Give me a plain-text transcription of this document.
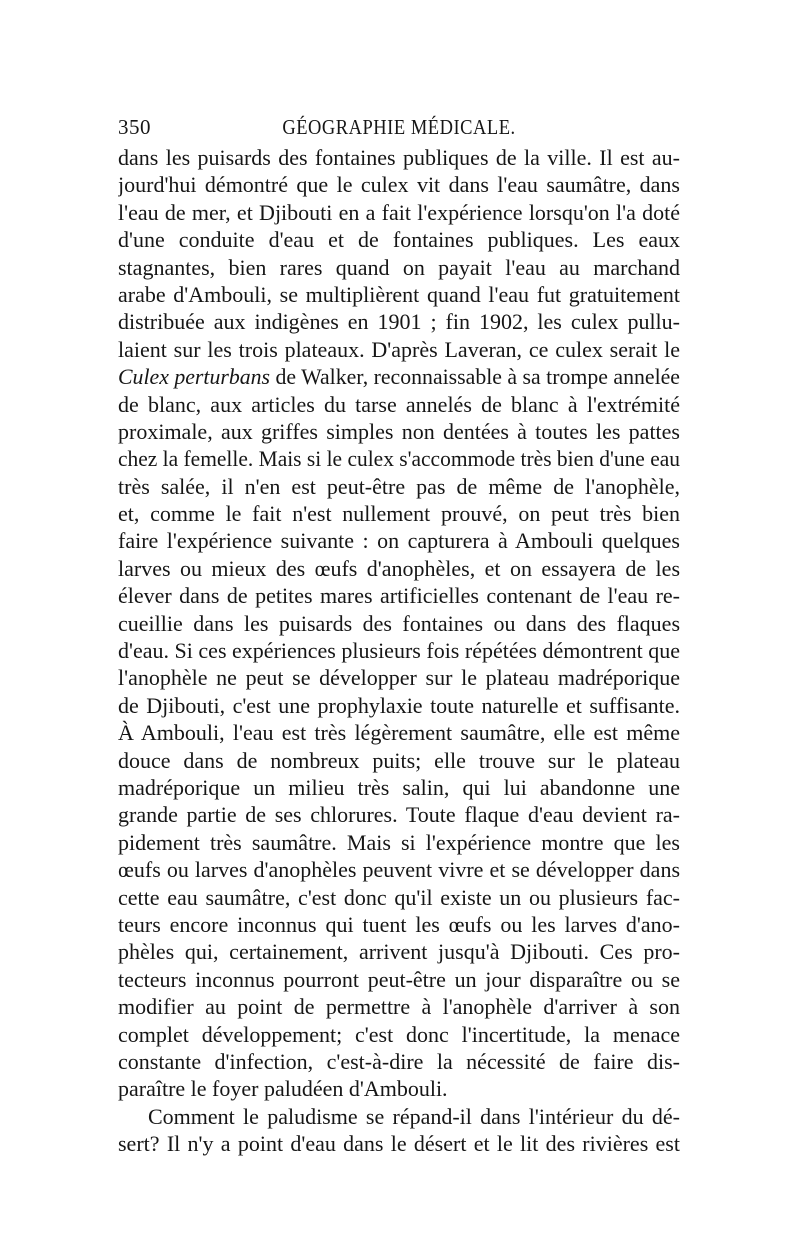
350	GÉOGRAPHIE MÉDICALE.
dans les puisards des fontaines publiques de la ville. Il est au-
jourd'hui démontré que le culex vit dans l'eau saumâtre, dans
l'eau de mer, et Djibouti en a fait l'expérience lorsqu'on l'a doté
d'une conduite d'eau et de fontaines publiques. Les eaux
stagnantes, bien rares quand on payait l'eau au marchand
arabe d'Ambouli, se multiplièrent quand l'eau fut gratuitement
distribuée aux indigènes en 1901 ; fin 1902, les culex pullu-
laient sur les trois plateaux. D'après Laveran, ce culex serait le
Culex perturbans de Walker, reconnaissable à sa trompe annelée
de blanc, aux articles du tarse annelés de blanc à l'extrémité
proximale, aux griffes simples non dentées à toutes les pattes
chez la femelle. Mais si le culex s'accommode très bien d'une eau
très salée, il n'en est peut-être pas de même de l'anophèle,
et, comme le fait n'est nullement prouvé, on peut très bien
faire l'expérience suivante : on capturera à Ambouli quelques
larves ou mieux des œufs d'anophèles, et on essayera de les
élever dans de petites mares artificielles contenant de l'eau re-
cueillie dans les puisards des fontaines ou dans des flaques
d'eau. Si ces expériences plusieurs fois répétées démontrent que
l'anophèle ne peut se développer sur le plateau madréporique
de Djibouti, c'est une prophylaxie toute naturelle et suffisante.
À Ambouli, l'eau est très légèrement saumâtre, elle est même
douce dans de nombreux puits; elle trouve sur le plateau
madréporique un milieu très salin, qui lui abandonne une
grande partie de ses chlorures. Toute flaque d'eau devient ra-
pidement très saumâtre. Mais si l'expérience montre que les
œufs ou larves d'anophèles peuvent vivre et se développer dans
cette eau saumâtre, c'est donc qu'il existe un ou plusieurs fac-
teurs encore inconnus qui tuent les œufs ou les larves d'ano-
phèles qui, certainement, arrivent jusqu'à Djibouti. Ces pro-
tecteurs inconnus pourront peut-être un jour disparaître ou se
modifier au point de permettre à l'anophèle d'arriver à son
complet développement; c'est donc l'incertitude, la menace
constante d'infection, c'est-à-dire la nécessité de faire dis-
paraître le foyer paludéen d'Ambouli.
Comment le paludisme se répand-il dans l'intérieur du dé-
sert? Il n'y a point d'eau dans le désert et le lit des rivières est
